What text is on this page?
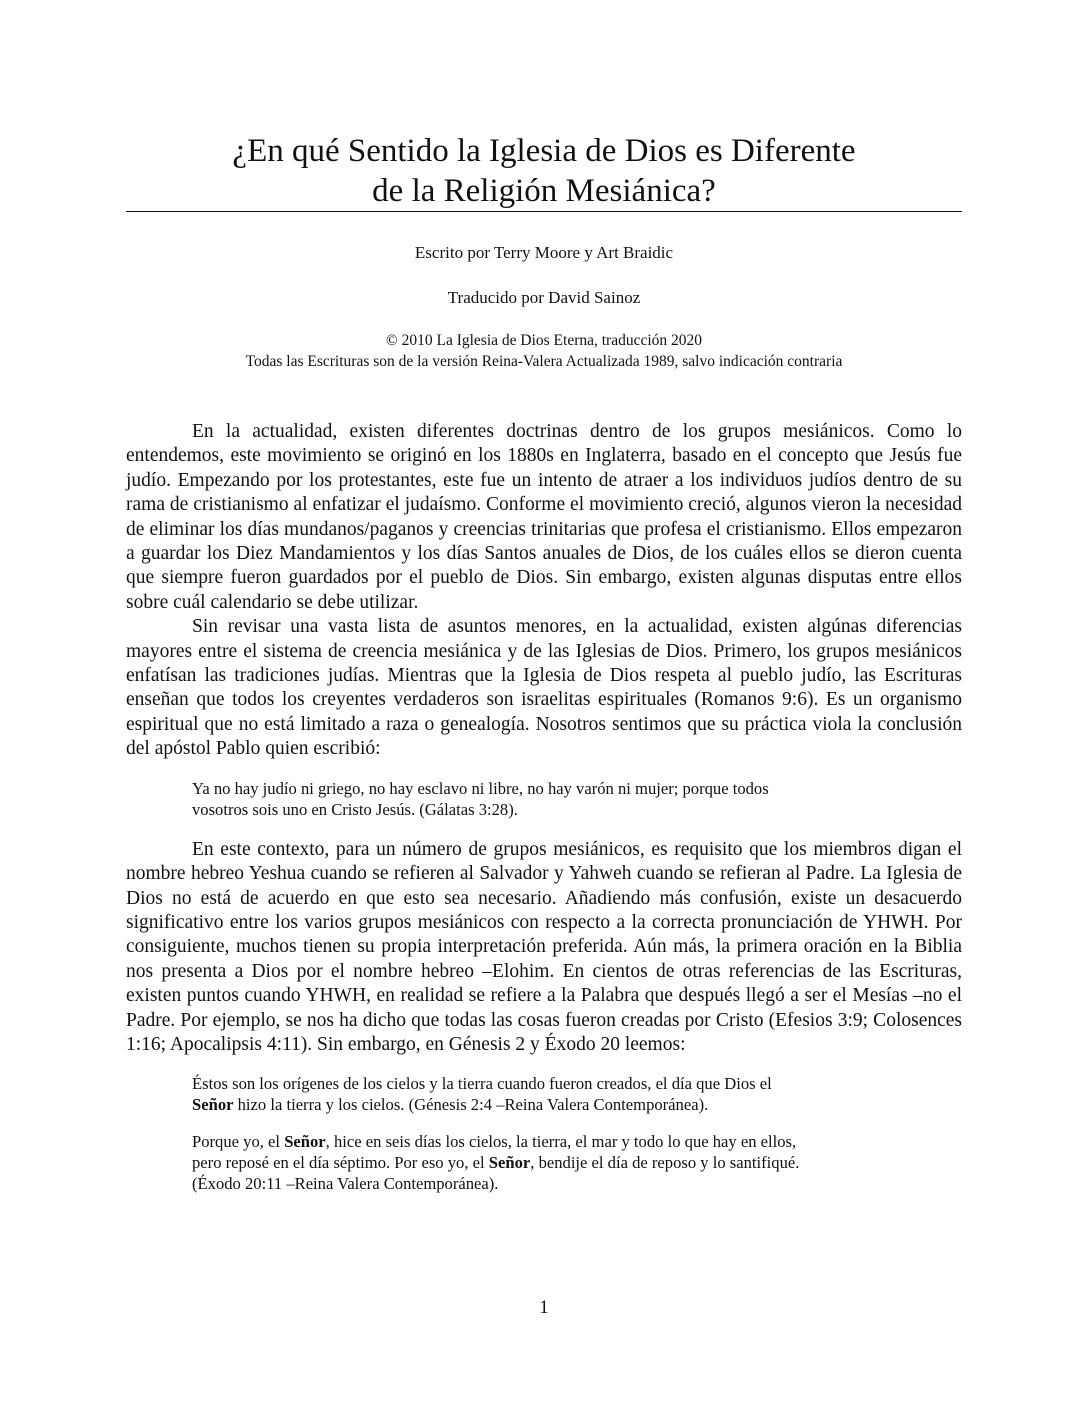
¿En qué Sentido la Iglesia de Dios es Diferente
de la Religión Mesiánica?
Escrito por Terry Moore y Art Braidic
Traducido por David Sainoz
© 2010 La Iglesia de Dios Eterna, traducción 2020
Todas las Escrituras son de la versión Reina-Valera Actualizada 1989, salvo indicación contraria

En la actualidad, existen diferentes doctrinas dentro de los grupos mesiánicos. Como lo entendemos, este movimiento se originó en los 1880s en Inglaterra, basado en el concepto que Jesús fue judío. Empezando por los protestantes, este fue un intento de atraer a los individuos judíos dentro de su rama de cristianismo al enfatizar el judaísmo. Conforme el movimiento creció, algunos vieron la necesidad de eliminar los días mundanos/paganos y creencias trinitarias que profesa el cristianismo. Ellos empezaron a guardar los Diez Mandamientos y los días Santos anuales de Dios, de los cuáles ellos se dieron cuenta que siempre fueron guardados por el pueblo de Dios. Sin embargo, existen algunas disputas entre ellos sobre cuál calendario se debe utilizar.

Sin revisar una vasta lista de asuntos menores, en la actualidad, existen algúnas diferencias mayores entre el sistema de creencia mesiánica y de las Iglesias de Dios. Primero, los grupos mesiánicos enfatísan las tradiciones judías. Mientras que la Iglesia de Dios respeta al pueblo judío, las Escrituras enseñan que todos los creyentes verdaderos son israelitas espirituales (Romanos 9:6). Es un organismo espiritual que no está limitado a raza o genealogía. Nosotros sentimos que su práctica viola la conclusión del apóstol Pablo quien escribió:

Ya no hay judío ni griego, no hay esclavo ni libre, no hay varón ni mujer; porque todos
vosotros sois uno en Cristo Jesús. (Gálatas 3:28).

En este contexto, para un número de grupos mesiánicos, es requisito que los miembros digan el nombre hebreo Yeshua cuando se refieren al Salvador y Yahweh cuando se refieran al Padre. La Iglesia de Dios no está de acuerdo en que esto sea necesario. Añadiendo más confusión, existe un desacuerdo significativo entre los varios grupos mesiánicos con respecto a la correcta pronunciación de YHWH. Por consiguiente, muchos tienen su propia interpretación preferida. Aún más, la primera oración en la Biblia nos presenta a Dios por el nombre hebreo –Elohim. En cientos de otras referencias de las Escrituras, existen puntos cuando YHWH, en realidad se refiere a la Palabra que después llegó a ser el Mesías –no el Padre. Por ejemplo, se nos ha dicho que todas las cosas fueron creadas por Cristo (Efesios 3:9; Colosences 1:16; Apocalipsis 4:11). Sin embargo, en Génesis 2 y Éxodo 20 leemos:

Éstos son los orígenes de los cielos y la tierra cuando fueron creados, el día que Dios el
Señor hizo la tierra y los cielos. (Génesis 2:4 –Reina Valera Contemporánea).
Porque yo, el Señor, hice en seis días los cielos, la tierra, el mar y todo lo que hay en ellos,
pero reposé en el día séptimo. Por eso yo, el Señor, bendije el día de reposo y lo santifiqué.
(Éxodo 20:11 –Reina Valera Contemporánea).
1
